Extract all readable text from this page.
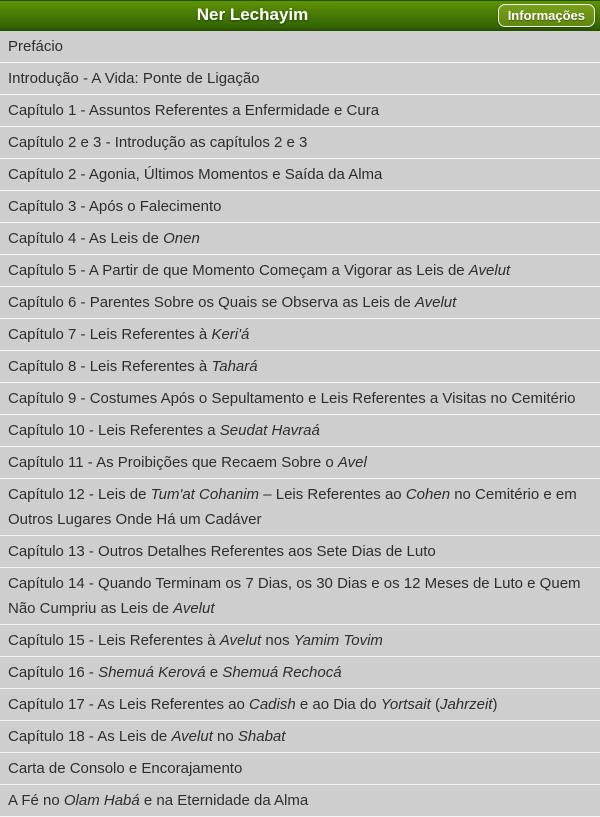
Ner Lechayim	Informações
Prefácio
Introdução - A Vida: Ponte de Ligação
Capítulo 1 - Assuntos Referentes a Enfermidade e Cura
Capítulo 2 e 3 - Introdução as capítulos 2 e 3
Capítulo 2 - Agonia, Últimos Momentos e Saída da Alma
Capítulo 3 - Após o Falecimento
Capítulo 4 - As Leis de Onen
Capítulo 5 - A Partir de que Momento Começam a Vigorar as Leis de Avelut
Capítulo 6 - Parentes Sobre os Quais se Observa as Leis de Avelut
Capítulo 7 - Leis Referentes à Keri'á
Capítulo 8 - Leis Referentes à Tahará
Capítulo 9 - Costumes Após o Sepultamento e Leis Referentes a Visitas no Cemitério
Capítulo 10 - Leis Referentes a Seudat Havraá
Capítulo 11 - As Proibições que Recaem Sobre o Avel
Capítulo 12 - Leis de Tum'at Cohanim – Leis Referentes ao Cohen no Cemitério e em Outros Lugares Onde Há um Cadáver
Capítulo 13 - Outros Detalhes Referentes aos Sete Dias de Luto
Capítulo 14 - Quando Terminam os 7 Dias, os 30 Dias e os 12 Meses de Luto e Quem Não Cumpriu as Leis de Avelut
Capítulo 15 - Leis Referentes à Avelut nos Yamim Tovim
Capítulo 16 - Shemuá Kerová e Shemuá Rechocá
Capítulo 17 - As Leis Referentes ao Cadish e ao Dia do Yortsait (Jahrzeit)
Capítulo 18 - As Leis de Avelut no Shabat
Carta de Consolo e Encorajamento
A Fé no Olam Habá e na Eternidade da Alma
